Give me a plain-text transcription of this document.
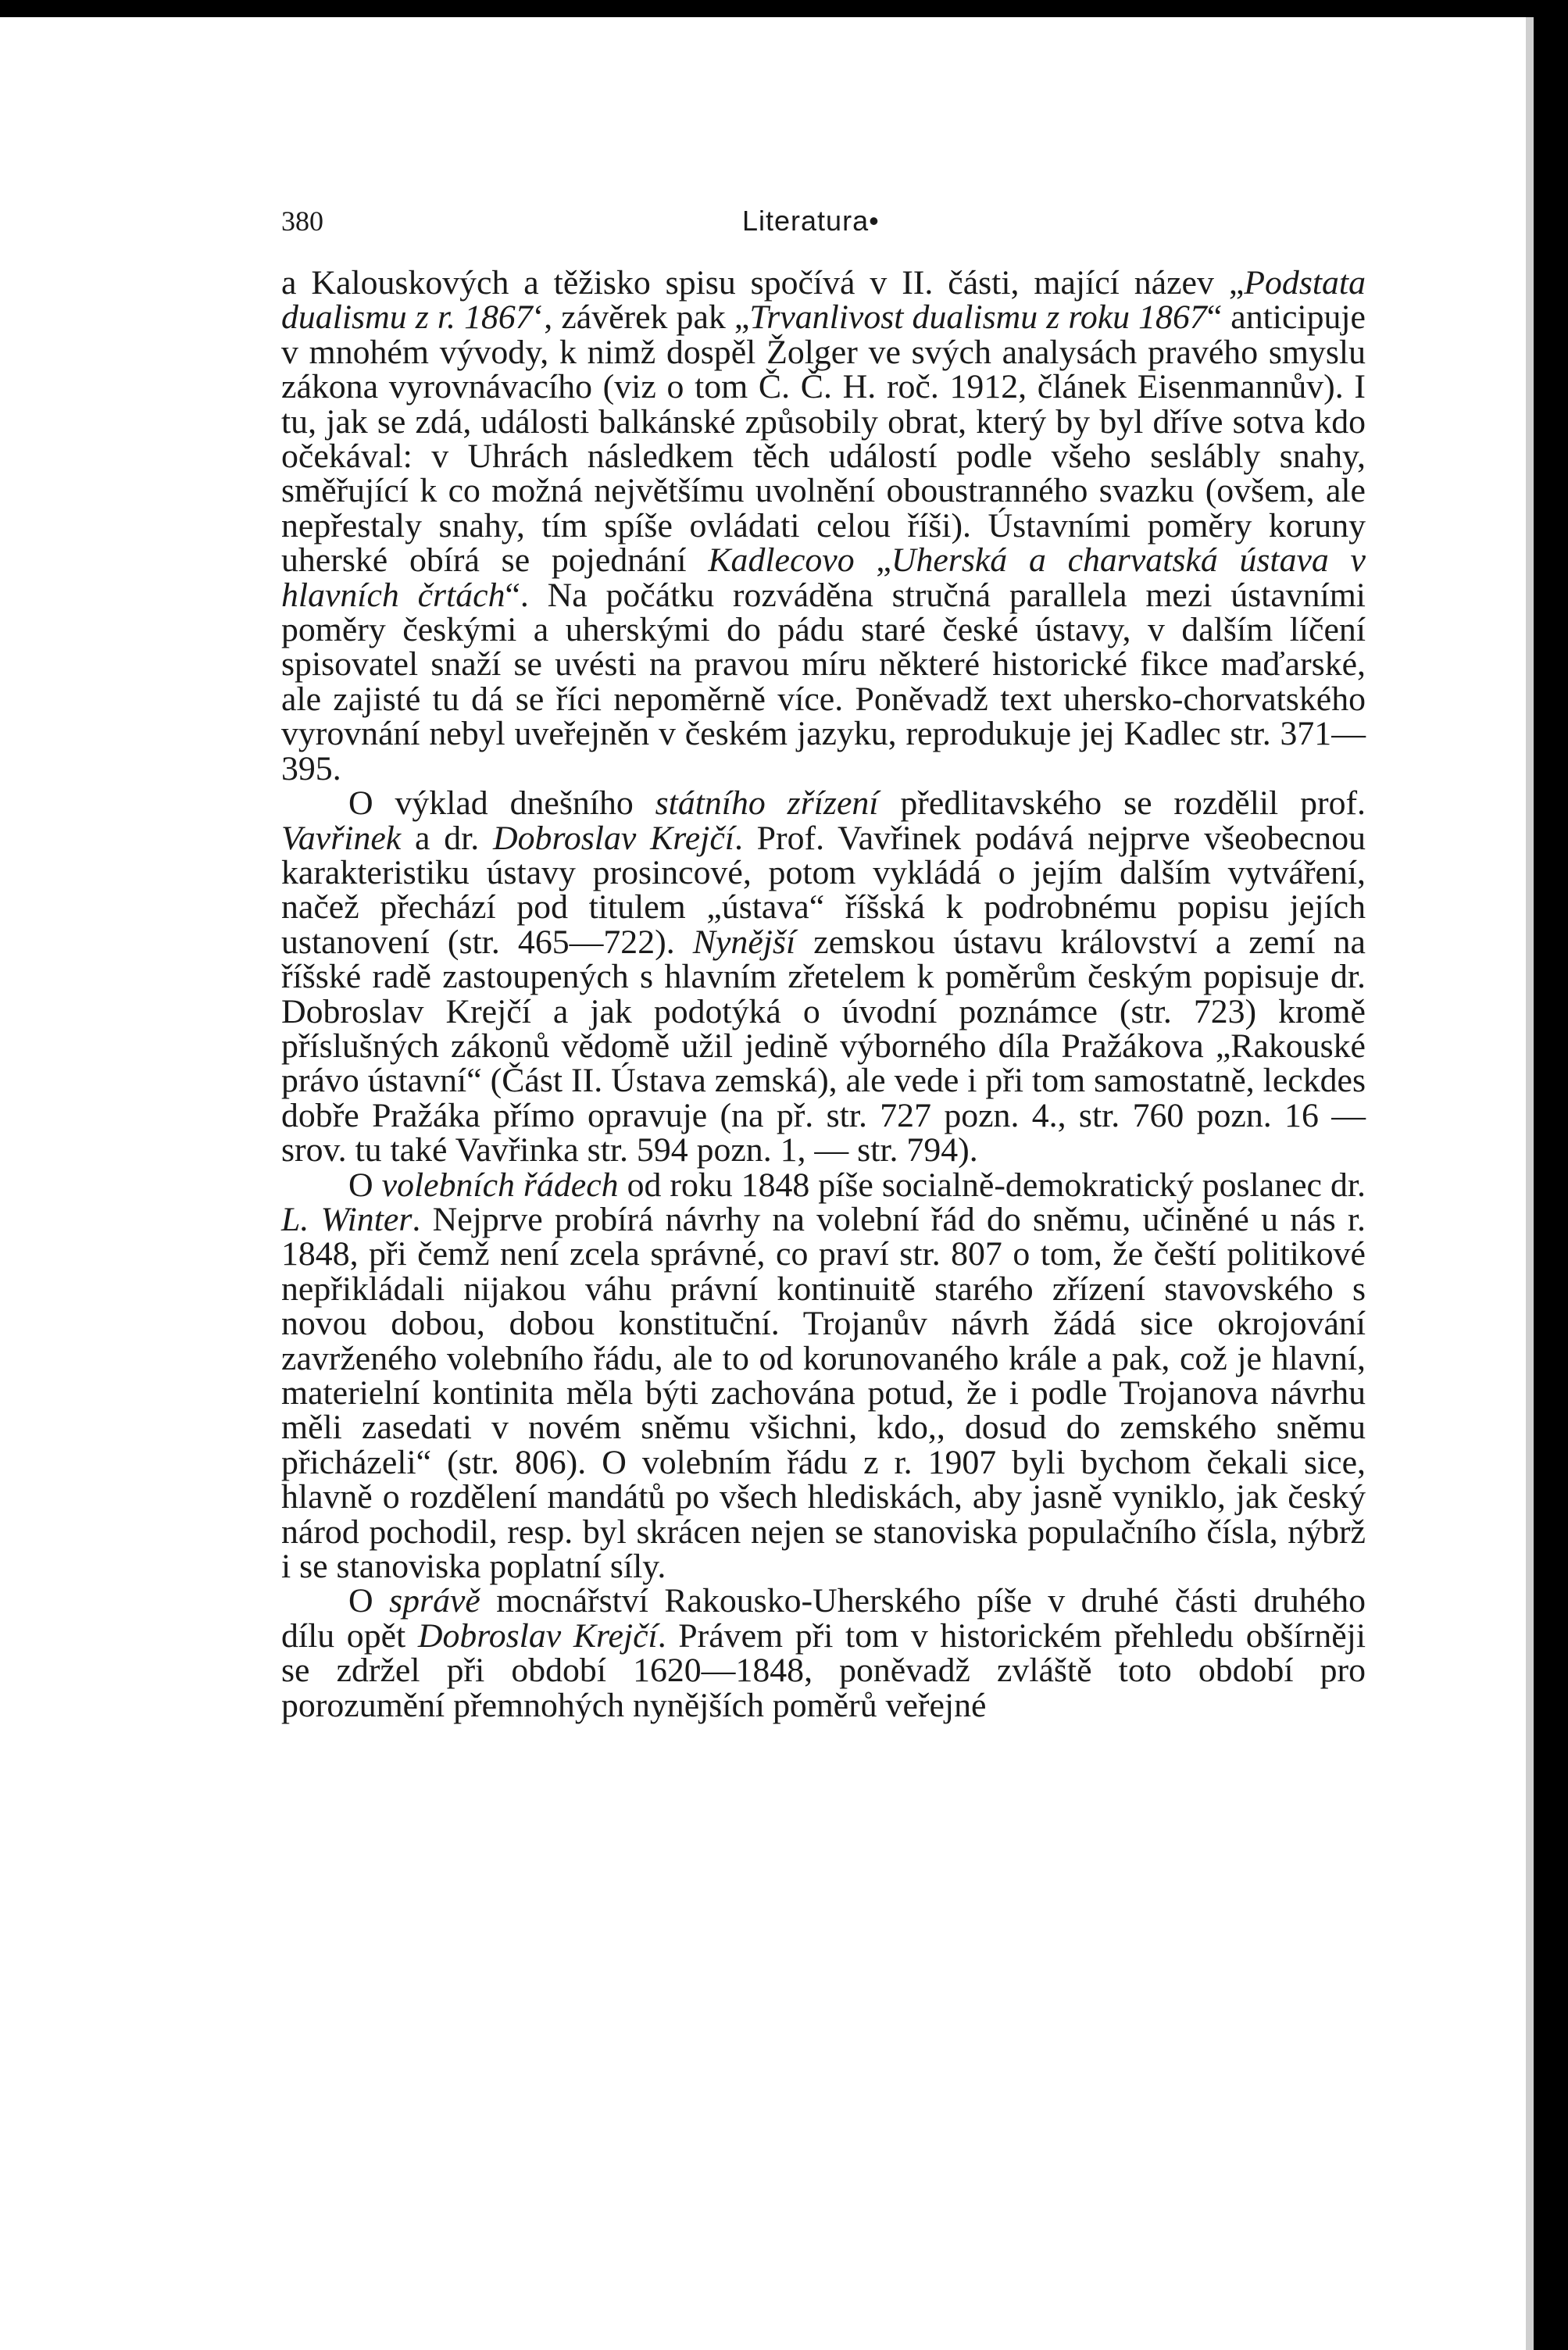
380	Literatura•

a Kalouskových a těžisko spisu spočívá v II. části, mající název „Podstata dualismu z r. 1867‘, závěrek pak „Trvanlivost dualismu z roku 1867“ anticipuje v mnohém vývody, k nimž dospěl Žolger ve svých analysách pravého smyslu zákona vyrovnávacího (viz o tom Č. Č. H. roč. 1912, článek Eisenmannův). I tu, jak se zdá, události balkánské způsobily obrat, který by byl dříve sotva kdo očekával: v Uhrách následkem těch událostí podle všeho seslábly snahy, směřující k co možná největšímu uvolnění oboustranného svazku (ovšem, ale nepřestaly snahy, tím spíše ovládati celou říši). Ústavními poměry koruny uherské obírá se pojednání Kadlecovo „Uherská a charvatská ústava v hlavních črtách“. Na počátku rozváděna stručná parallela mezi ústavními poměry českými a uherskými do pádu staré české ústavy, v dalším líčení spisovatel snaží se uvésti na pravou míru některé historické fikce maďarské, ale zajisté tu dá se říci nepoměrně více. Poněvadž text uhersko-chorvatského vyrovnání nebyl uveřejněn v českém jazyku, reprodukuje jej Kadlec str. 371—395.

O výklad dnešního státního zřízení předlitavského se rozdělil prof. Vavřinek a dr. Dobroslav Krejčí. Prof. Vavřinek podává nejprve všeobecnou karakteristiku ústavy prosincové, potom vykládá o jejím dalším vytváření, načež přechází pod titulem „ústava“ říšská k podrobnému popisu jejích ustanovení (str. 465—722). Nynější zemskou ústavu království a zemí na říšské radě zastoupených s hlavním zřetelem k poměrům českým popisuje dr. Dobroslav Krejčí a jak podotýká o úvodní poznámce (str. 723) kromě příslušných zákonů vědomě užil jedině výborného díla Pražákova „Rakouské právo ústavní“ (Část II. Ústava zemská), ale vede i při tom samostatně, leckdes dobře Pražáka přímo opravuje (na př. str. 727 pozn. 4., str. 760 pozn. 16 — srov. tu také Vavřinka str. 594 pozn. 1, — str. 794).

O volebních řádech od roku 1848 píše socialně-demokratický poslanec dr. L. Winter. Nejprve probírá návrhy na volební řád do sněmu, učiněné u nás r. 1848, při čemž není zcela správné, co praví str. 807 o tom, že čeští politikové nepřikládali nijakou váhu právní kontinuitě starého zřízení stavovského s novou dobou, dobou konstituční. Trojanův návrh žádá sice okrojování zavrženého volebního řádu, ale to od korunovaného krále a pak, což je hlavní, materielní kontinita měla býti zachována potud, že i podle Trojanova návrhu měli zasedati v novém sněmu všichni, kdo,, dosud do zemského sněmu přicházeli“ (str. 806). O volebním řádu z r. 1907 byli bychom čekali sice, hlavně o rozdělení mandátů po všech hlediskách, aby jasně vyniklo, jak český národ pochodil, resp. byl skrácen nejen se stanoviska populačního čísla, nýbrž i se stanoviska poplatní síly.

O správě mocnářství Rakousko-Uherského píše v druhé části druhého dílu opět Dobroslav Krejčí. Právem při tom v historickém přehledu obšírněji se zdržel při období 1620—1848, poněvadž zvláště toto období pro porozumění přemnohých nynějších poměrů veřejné
